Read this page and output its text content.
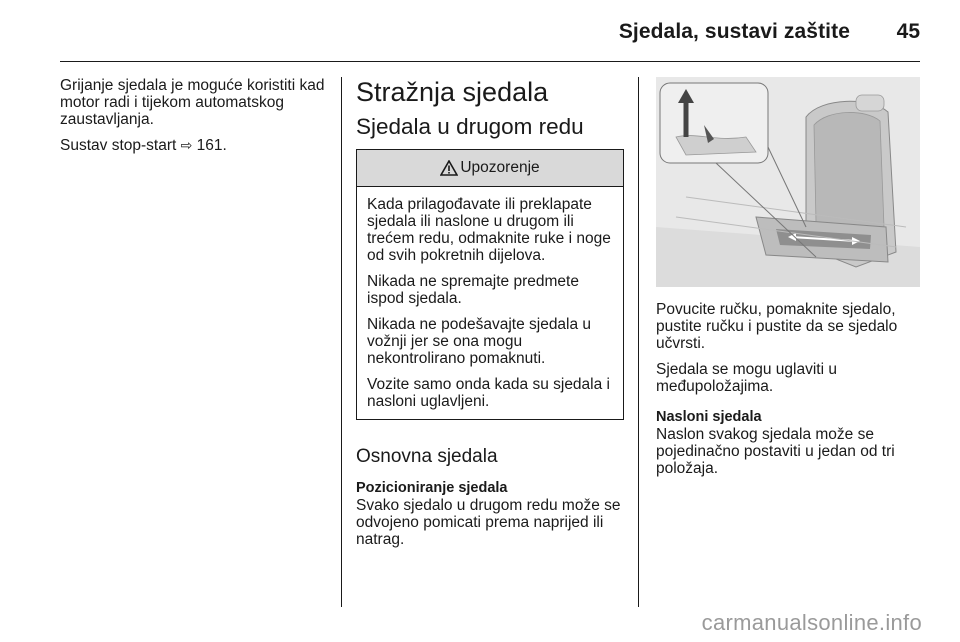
Sjedala, sustavi zaštite 45

Grijanje sjedala je moguće koristiti kad motor radi i tijekom automatskog zaustavljanja.

Sustav stop-start ⇨ 161.

Stražnja sjedala
Sjedala u drugom redu
Upozorenje

Kada prilagođavate ili preklapate sjedala ili naslone u drugom ili trećem redu, odmaknite ruke i noge od svih pokretnih dijelova.

Nikada ne spremajte predmete ispod sjedala.

Nikada ne podešavajte sjedala u vožnji jer se ona mogu nekontrolirano pomaknuti.

Vozite samo onda kada su sjedala i nasloni uglavljeni.

Osnovna sjedala
Pozicioniranje sjedala

Svako sjedalo u drugom redu može se odvojeno pomicati prema naprijed ili natrag.

Povucite ručku, pomaknite sjedalo, pustite ručku i pustite da se sjedalo učvrsti.

Sjedala se mogu uglaviti u međupoložajima.

Nasloni sjedala

Naslon svakog sjedala može se pojedinačno postaviti u jedan od tri položaja.

carmanualsonline.info
